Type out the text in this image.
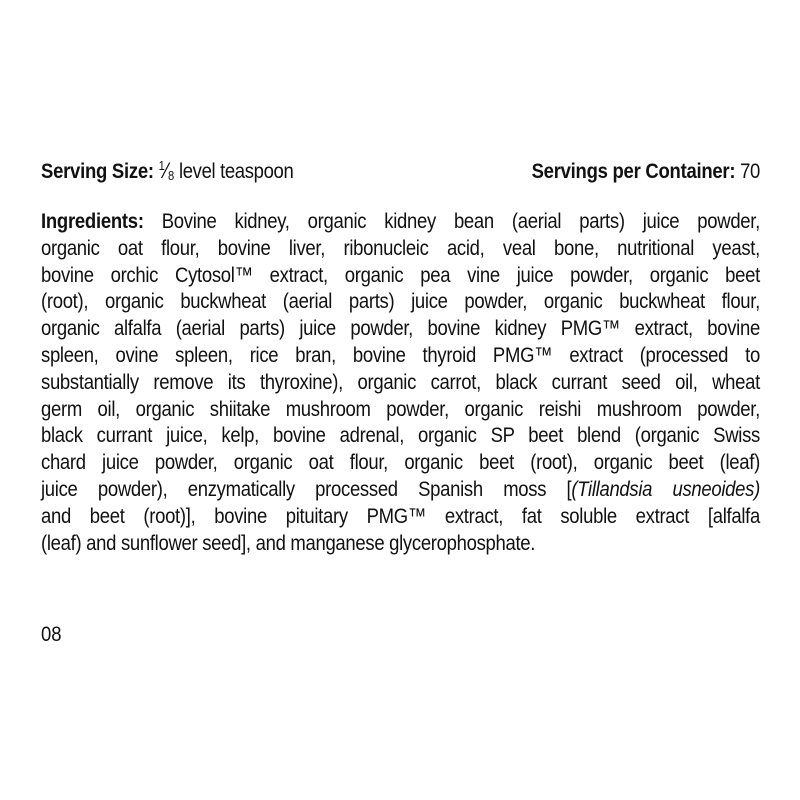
Serving Size: $^1⁄_8$ level teaspoon	Servings per Container: 70
Ingredients: Bovine kidney, organic kidney bean (aerial parts) juice powder,
organic oat flour, bovine liver, ribonucleic acid, veal bone, nutritional yeast,
bovine orchic Cytosol™ extract, organic pea vine juice powder, organic beet
(root), organic buckwheat (aerial parts) juice powder, organic buckwheat flour,
organic alfalfa (aerial parts) juice powder, bovine kidney PMG™ extract, bovine
spleen, ovine spleen, rice bran, bovine thyroid PMG™ extract (processed to
substantially remove its thyroxine), organic carrot, black currant seed oil, wheat
germ oil, organic shiitake mushroom powder, organic reishi mushroom powder,
black currant juice, kelp, bovine adrenal, organic SP beet blend (organic Swiss
chard juice powder, organic oat flour, organic beet (root), organic beet (leaf)
juice powder), enzymatically processed Spanish moss [(Tillandsia usneoides)
and beet (root)], bovine pituitary PMG™ extract, fat soluble extract [alfalfa
(leaf) and sunflower seed], and manganese glycerophosphate.
08
